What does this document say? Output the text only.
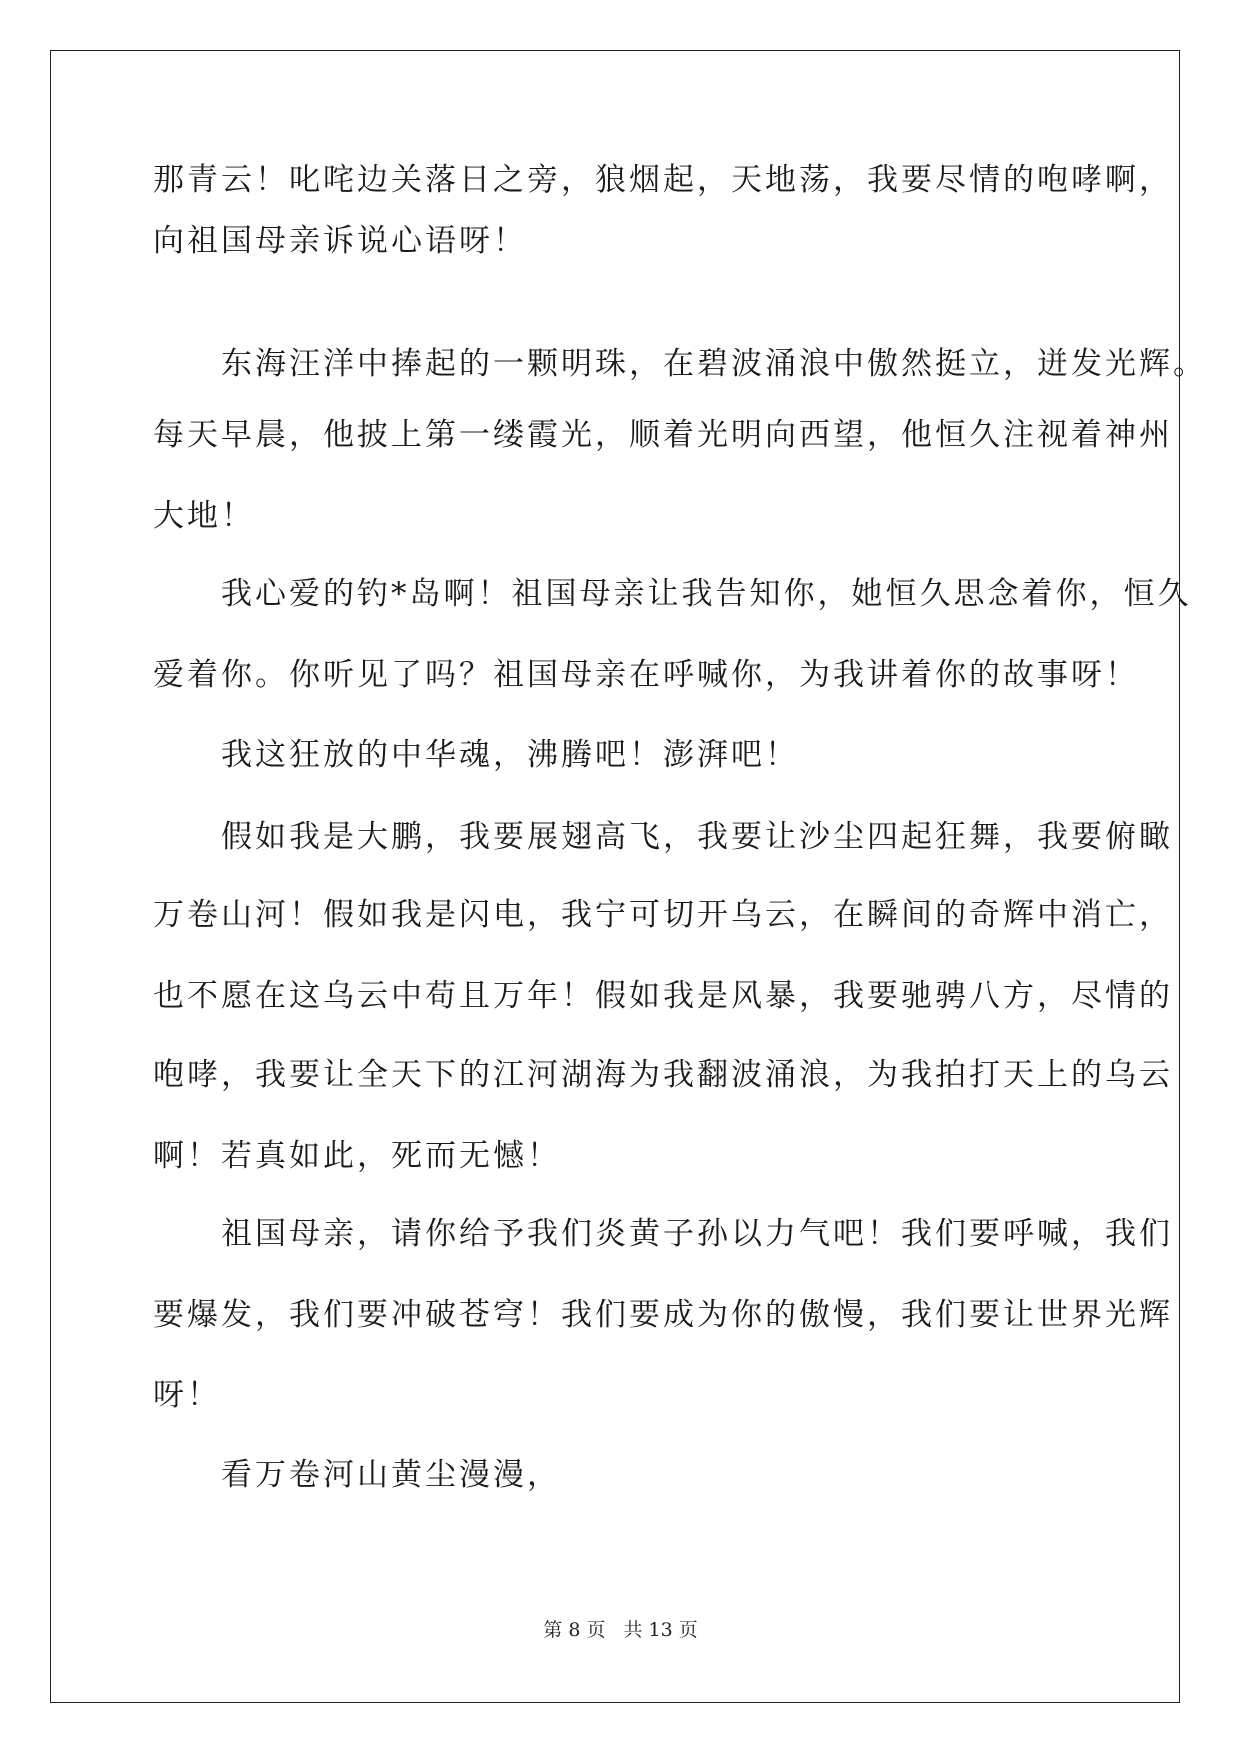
那青云！叱咤边关落日之旁，狼烟起，天地荡，我要尽情的咆哮啊，
向祖国母亲诉说心语呀！
　　东海汪洋中捧起的一颗明珠，在碧波涌浪中傲然挺立，迸发光辉。
每天早晨，他披上第一缕霞光，顺着光明向西望，他恒久注视着神州
大地！
　　我心爱的钓*岛啊！祖国母亲让我告知你，她恒久思念着你，恒久
爱着你。你听见了吗？祖国母亲在呼喊你，为我讲着你的故事呀！
　　我这狂放的中华魂，沸腾吧！澎湃吧！
　　假如我是大鹏，我要展翅高飞，我要让沙尘四起狂舞，我要俯瞰
万卷山河！假如我是闪电，我宁可切开乌云，在瞬间的奇辉中消亡，
也不愿在这乌云中苟且万年！假如我是风暴，我要驰骋八方，尽情的
咆哮，我要让全天下的江河湖海为我翻波涌浪，为我拍打天上的乌云
啊！若真如此，死而无憾！
　　祖国母亲，请你给予我们炎黄子孙以力气吧！我们要呼喊，我们
要爆发，我们要冲破苍穹！我们要成为你的傲慢，我们要让世界光辉
呀！
　　看万卷河山黄尘漫漫，
第 8 页 共 13 页
